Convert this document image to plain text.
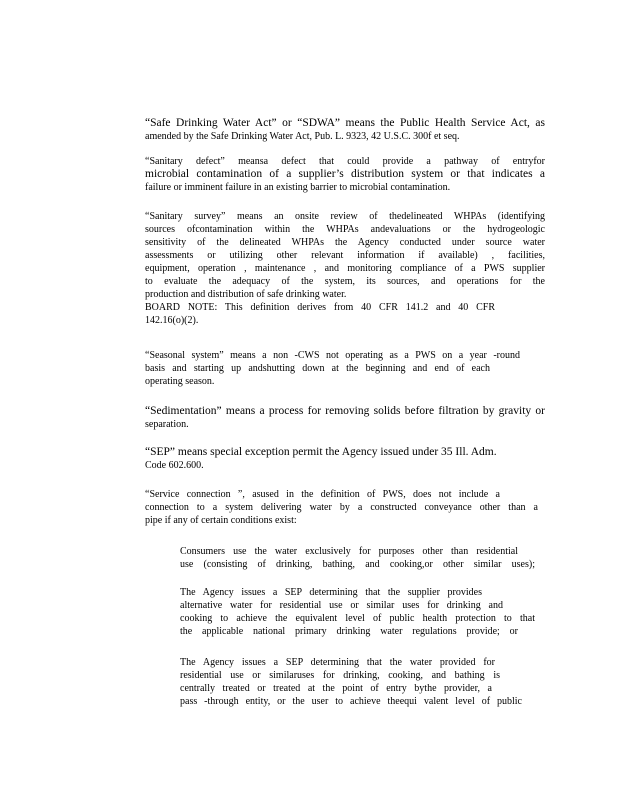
“Safe Drinking Water Act” or “SDWA” means the Public Health Service Act, as
amended by the Safe Drinking Water Act, Pub. L. 9323, 42 U.S.C. 300f et seq.
“Sanitary defect” meansa defect that could provide a pathway of entryfor
microbial contamination of a supplier’s distribution system or that indicates a
failure or imminent failure in an existing barrier to microbial contamination.
“Sanitary survey” means an onsite review of thedelineated WHPAs (identifying
sources ofcontamination within the WHPAs andevaluations or the hydrogeologic
sensitivity of the delineated WHPAs the Agency conducted under source water
assessments or utilizing other relevant information if available) , facilities,
equipment, operation , maintenance , and monitoring compliance of a PWS supplier
to evaluate the adequacy of the system, its sources, and operations for the
production and distribution of safe drinking water.
BOARD NOTE: This definition derives from 40 CFR 141.2 and 40 CFR
142.16(o)(2).
“Seasonal system” means a non -CWS not operating as a PWS on a year -round
basis and starting up andshutting down at the beginning and end of each
operating season.
“Sedimentation” means a process for removing solids before filtration by gravity or
separation.
“SEP” means special exception permit the Agency issued under 35 Ill. Adm.
Code 602.600.
“Service connection ”, asused in the definition of PWS, does not include a
connection to a system delivering water by a constructed conveyance other than a
pipe if any of certain conditions exist:
Consumers use the water exclusively for purposes other than residential
use (consisting of drinking, bathing, and cooking,or other similar uses);
The Agency issues a SEP determining that the supplier provides
alternative water for residential use or similar uses for drinking and
cooking to achieve the equivalent level of public health protection to that
the applicable national primary drinking water regulations provide; or
The Agency issues a SEP determining that the water provided for
residential use or similaruses for drinking, cooking, and bathing is
centrally treated or treated at the point of entry bythe provider, a
pass -through entity, or the user to achieve theequi valent level of public
